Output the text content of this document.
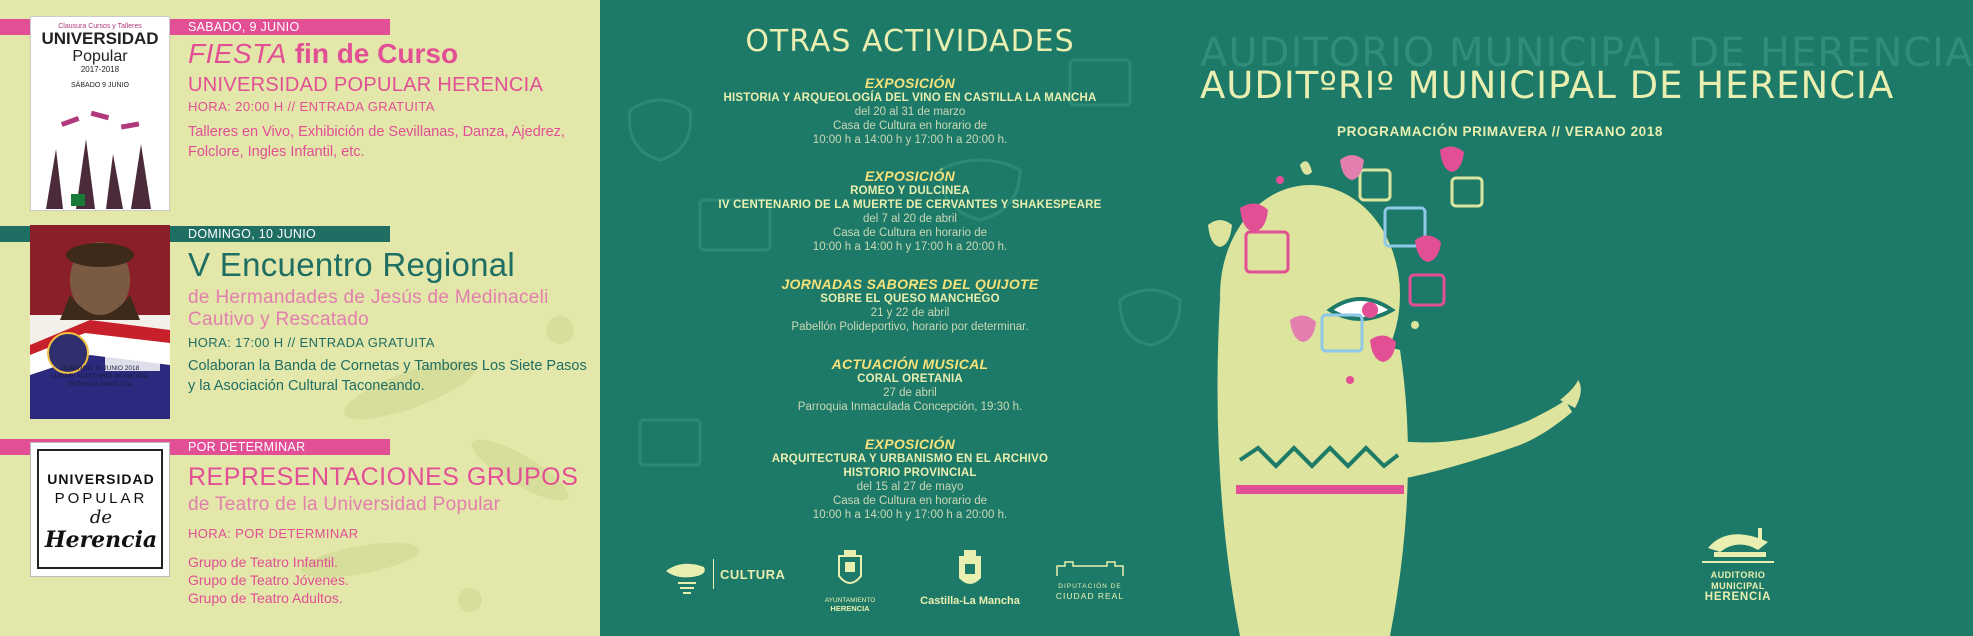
SABADO, 9 JUNIO
Clausura Cursos y Talleres
UNIVERSIDAD
Popular
2017-2018
SÁBADO 9 JUNIO
FIESTA fin de Curso
UNIVERSIDAD POPULAR HERENCIA
HORA: 20:00 H // ENTRADA GRATUITA
Talleres en Vivo, Exhibición de Sevillanas, Danza, Ajedrez, Folclore, Ingles Infantil, etc.
DOMINGO, 10 JUNIO
DOMINGO 10 JUNIO 2018
LUGAR: AUDITORIO MUNICIPAL
ENTRADA GRATUITA
V Encuentro Regional
de Hermandades de Jesús de Medinaceli
Cautivo y Rescatado
HORA: 17:00 H // ENTRADA GRATUITA
Colaboran la Banda de Cornetas y Tambores Los Siete Pasos y la Asociación Cultural Taconeando.
POR DETERMINAR
UNIVERSIDAD
POPULAR
de
Herencia
REPRESENTACIONES GRUPOS
de Teatro de la Universidad Popular
HORA: POR DETERMINAR
Grupo de Teatro Infantil.
Grupo de Teatro Jóvenes.
Grupo de Teatro Adultos.
OTRAS ACTIVIDADES
EXPOSICIÓN
HISTORIA Y ARQUEOLOGÍA DEL VINO EN CASTILLA LA MANCHA
del 20 al 31 de marzo
Casa de Cultura en horario de
10:00 h a 14:00 h y 17:00 h a 20:00 h.
EXPOSICIÓN
ROMEO Y DULCINEA
IV CENTENARIO DE LA MUERTE DE CERVANTES Y SHAKESPEARE
del 7 al 20 de abril
Casa de Cultura en horario de
10:00 h a 14:00 h y 17:00 h a 20:00 h.
JORNADAS SABORES DEL QUIJOTE
SOBRE EL QUESO MANCHEGO
21 y 22 de abril
Pabellón Polideportivo, horario por determinar.
ACTUACIÓN MUSICAL
CORAL ORETANIA
27 de abril
Parroquia Inmaculada Concepción, 19:30 h.
EXPOSICIÓN
ARQUITECTURA Y URBANISMO EN EL ARCHIVO
HISTORIO PROVINCIAL
del 15 al 27 de mayo
Casa de Cultura en horario de
10:00 h a 14:00 h y 17:00 h a 20:00 h.
CULTURA
AYUNTAMIENTO
HERENCIA
Castilla-La Mancha
DIPUTACIÓN DE
CIUDAD REAL
AUDITORIO MUNICIPAL DE HERENCIA
AUDITºRIº MUNICIPAL DE HERENCIA
PROGRAMACIÓN PRIMAVERA // VERANO 2018
AUDITORIO
MUNICIPAL
HERENCIA
